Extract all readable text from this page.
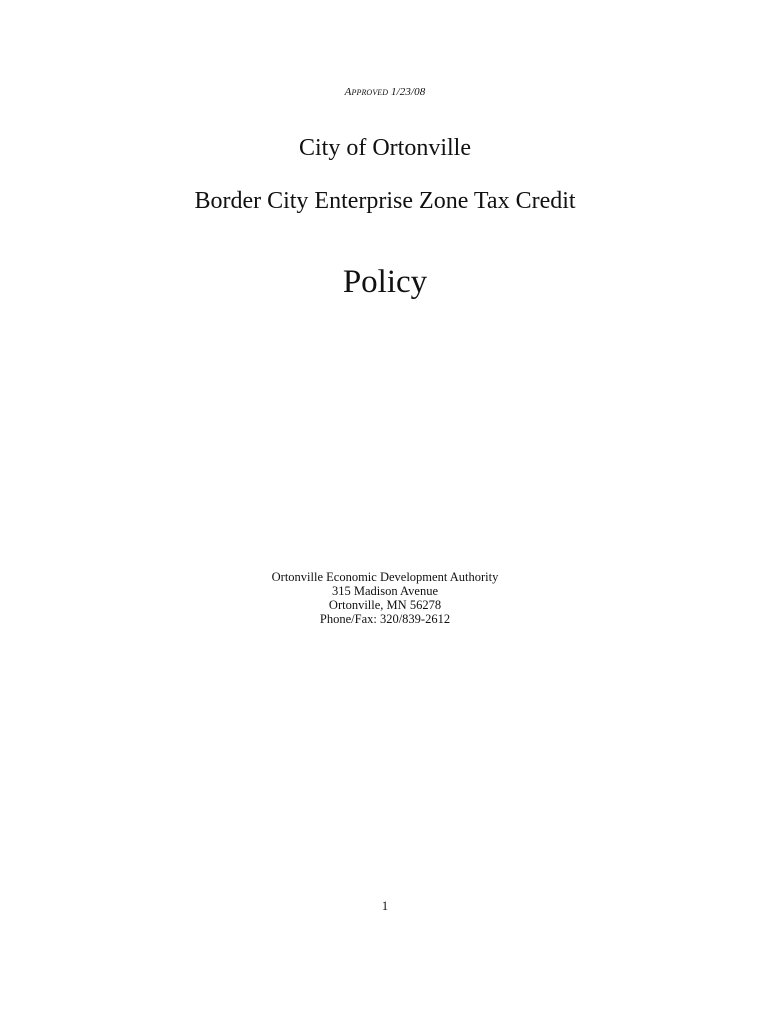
Approved 1/23/08
City of Ortonville
Border City Enterprise Zone Tax Credit
Policy
Ortonville Economic Development Authority
315 Madison Avenue
Ortonville, MN 56278
Phone/Fax: 320/839-2612
1
